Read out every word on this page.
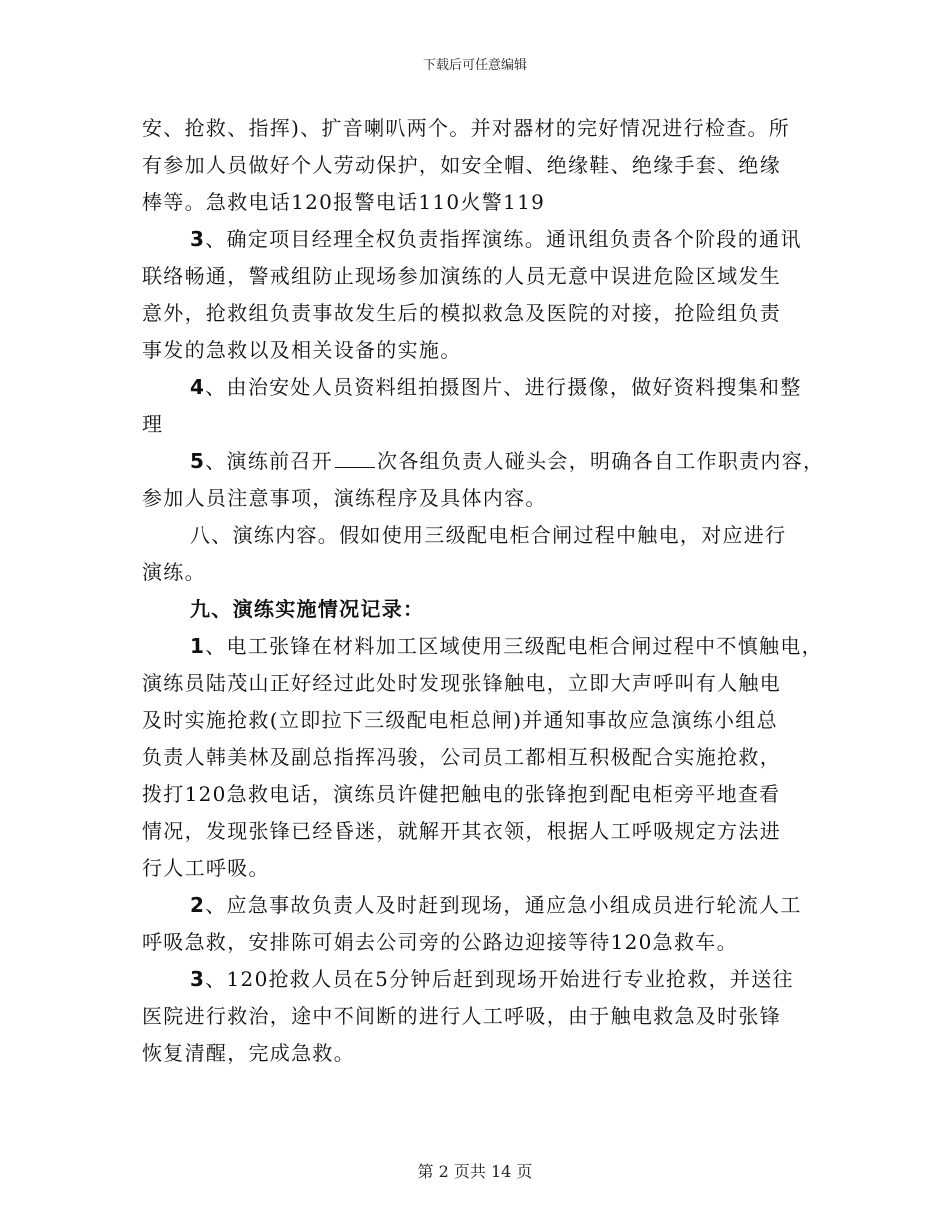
下载后可任意编辑
安、抢救、指挥)、扩音喇叭两个。并对器材的完好情况进行检查。所
有参加人员做好个人劳动保护，如安全帽、绝缘鞋、绝缘手套、绝缘
棒等。急救电话120报警电话110火警119
3、确定项目经理全权负责指挥演练。通讯组负责各个阶段的通讯
联络畅通，警戒组防止现场参加演练的人员无意中误进危险区域发生
意外，抢救组负责事故发生后的模拟救急及医院的对接，抢险组负责
事发的急救以及相关设备的实施。
4、由治安处人员资料组拍摄图片、进行摄像，做好资料搜集和整
理
5、演练前召开 次各组负责人碰头会，明确各自工作职责内容，
参加人员注意事项，演练程序及具体内容。
八、演练内容。假如使用三级配电柜合闸过程中触电，对应进行
演练。
九、演练实施情况记录：
1、电工张锋在材料加工区域使用三级配电柜合闸过程中不慎触电，
演练员陆茂山正好经过此处时发现张锋触电，立即大声呼叫有人触电
及时实施抢救(立即拉下三级配电柜总闸)并通知事故应急演练小组总
负责人韩美林及副总指挥冯骏，公司员工都相互积极配合实施抢救，
拨打120急救电话，演练员许健把触电的张锋抱到配电柜旁平地查看
情况，发现张锋已经昏迷，就解开其衣领，根据人工呼吸规定方法进
行人工呼吸。
2、应急事故负责人及时赶到现场，通应急小组成员进行轮流人工
呼吸急救，安排陈可娟去公司旁的公路边迎接等待120急救车。
3、120抢救人员在5分钟后赶到现场开始进行专业抢救，并送往
医院进行救治，途中不间断的进行人工呼吸，由于触电救急及时张锋
恢复清醒，完成急救。
第 2 页共 14 页
